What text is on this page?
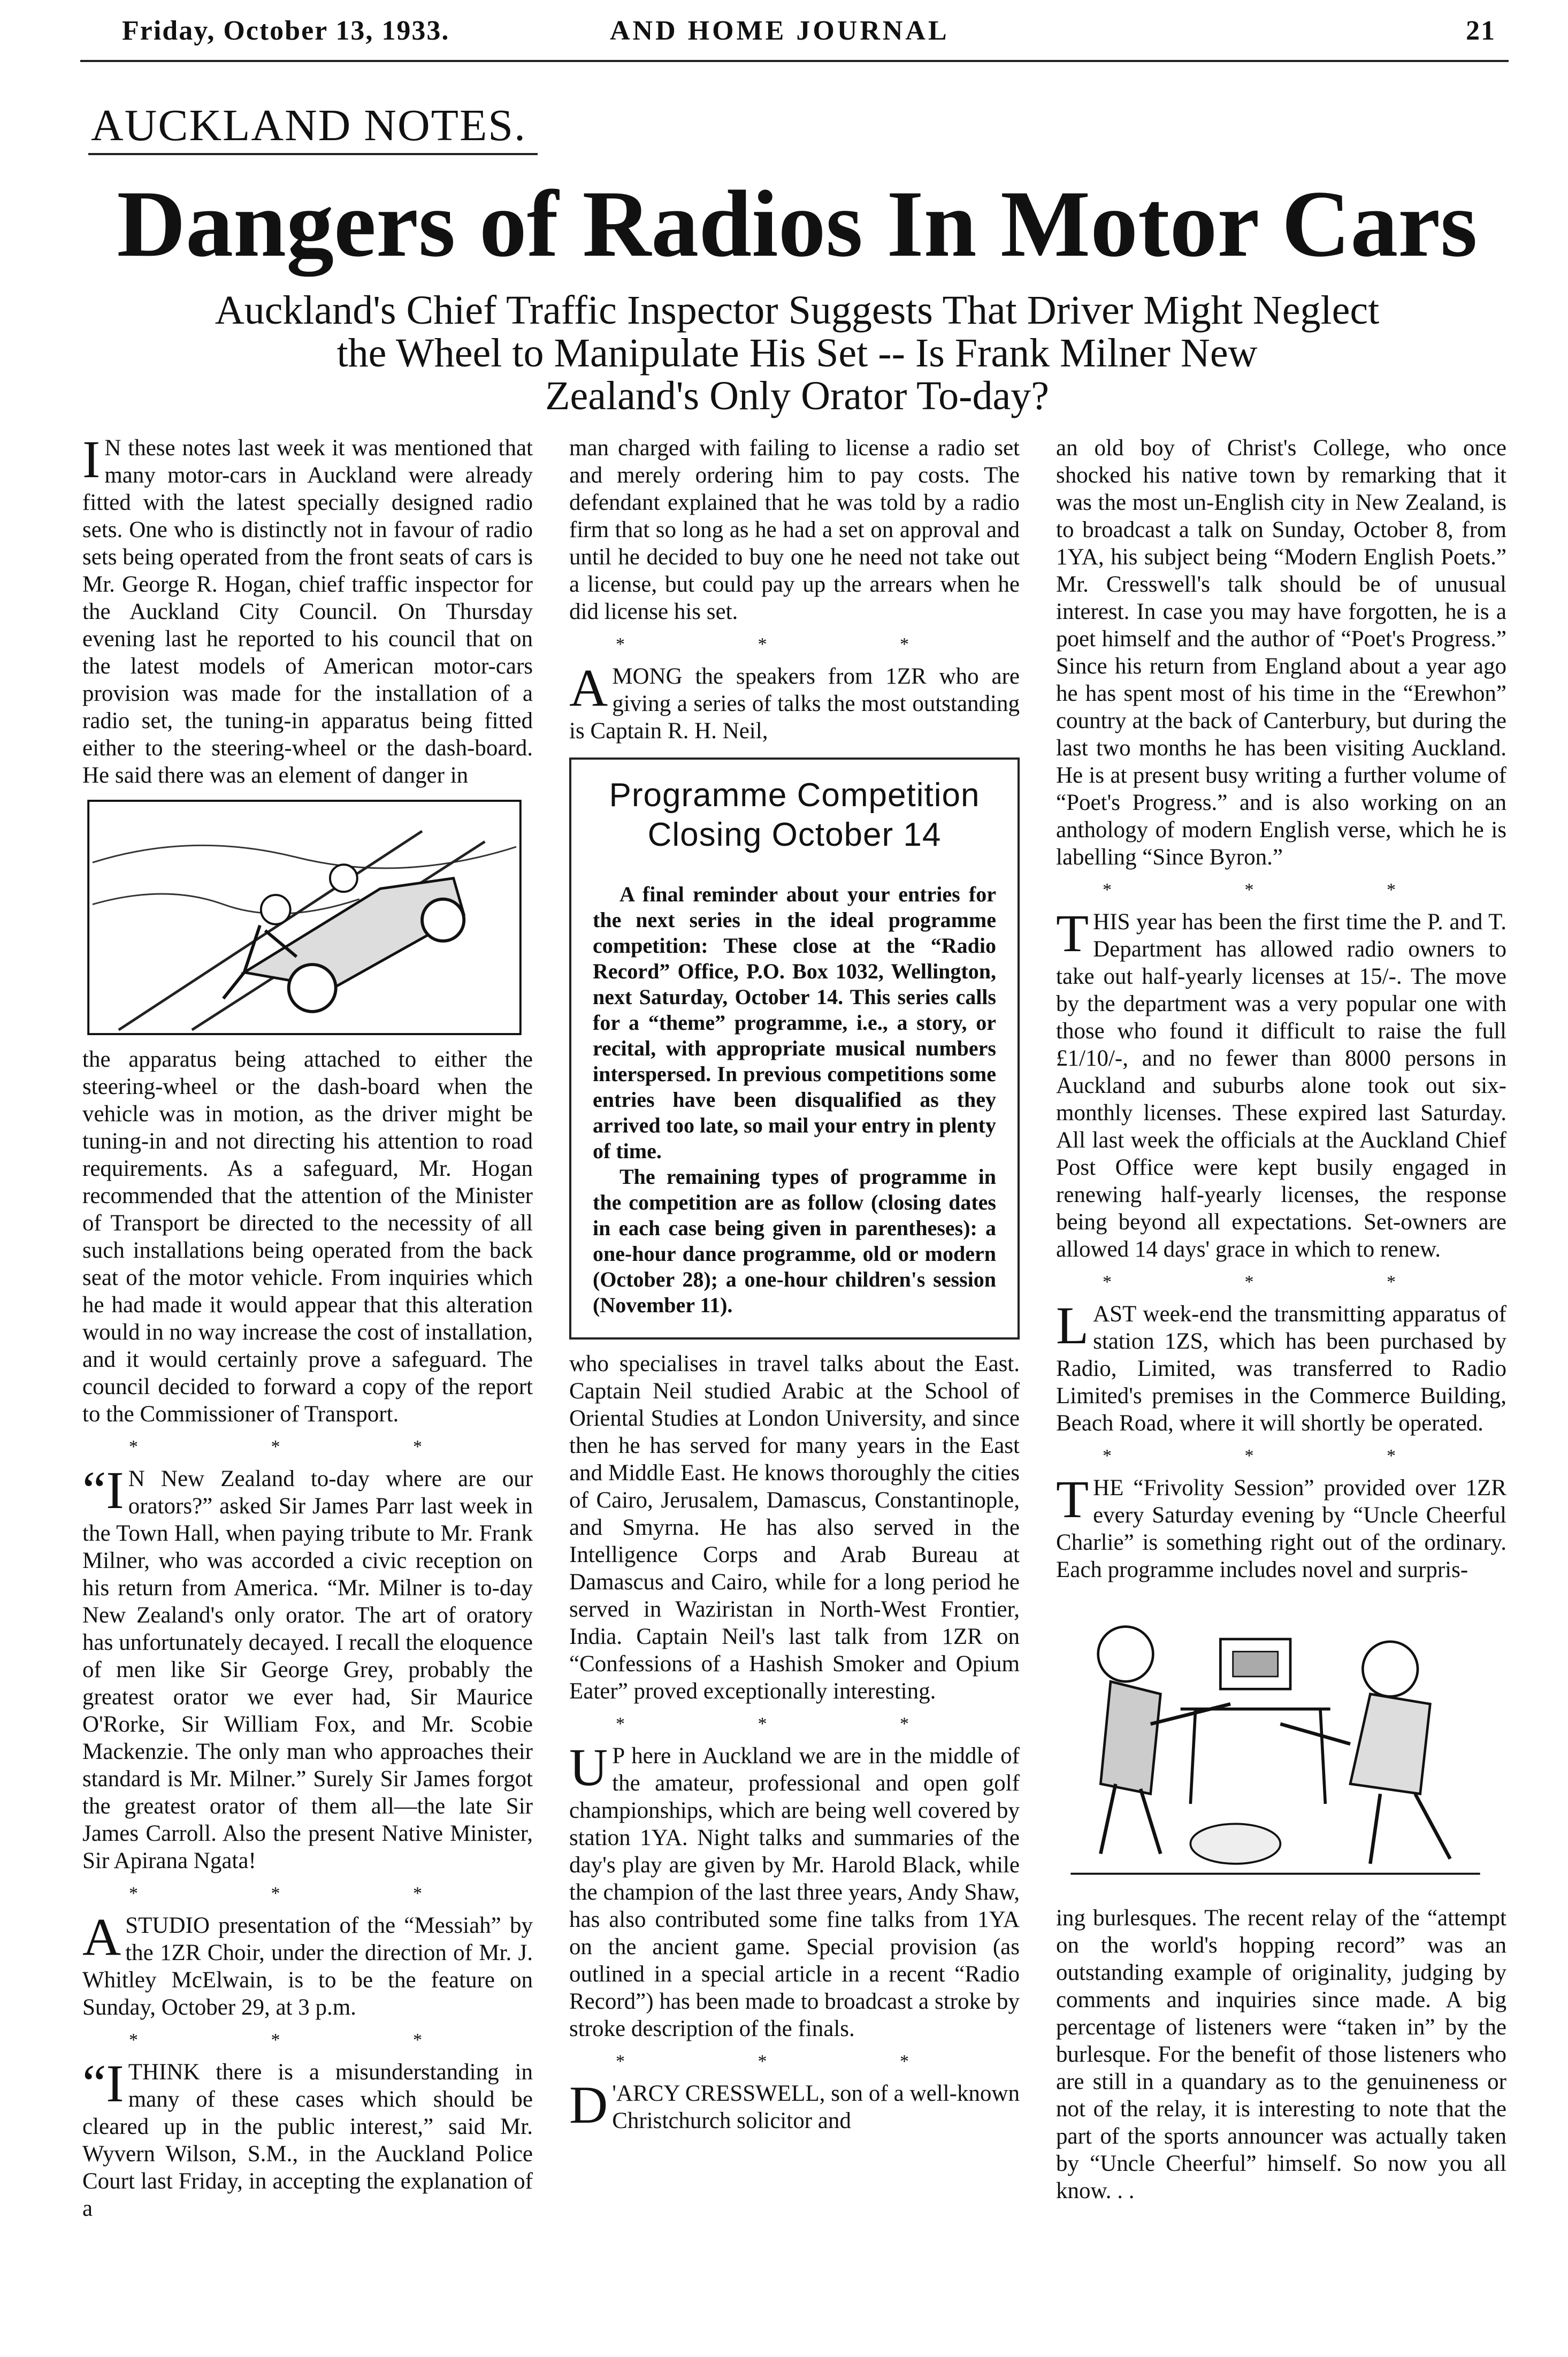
Friday, October 13, 1933.	AND HOME JOURNAL	21
AUCKLAND NOTES.
Dangers of Radios In Motor Cars
Auckland's Chief Traffic Inspector Suggests That Driver Might Neglect
the Wheel to Manipulate His Set -- Is Frank Milner New
Zealand's Only Orator To-day?
I N these notes last week it was mentioned that many motor-cars in Auckland were already fitted with the latest specially designed radio sets. One who is distinctly not in favour of radio sets being operated from the front seats of cars is Mr. George R. Hogan, chief traffic inspector for the Auckland City Council. On Thursday evening last he reported to his council that on the latest models of American motor-cars provision was made for the installation of a radio set, the tuning-in apparatus being fitted either to the steering-wheel or the dash-board. He said there was an element of danger in
the apparatus being attached to either the steering-wheel or the dash-board when the vehicle was in motion, as the driver might be tuning-in and not directing his attention to road requirements. As a safeguard, Mr. Hogan recommended that the attention of the Minister of Transport be directed to the necessity of all such installations being operated from the back seat of the motor vehicle. From inquiries which he had made it would appear that this alteration would in no way increase the cost of installation, and it would certainly prove a safeguard. The council decided to forward a copy of the report to the Commissioner of Transport.
* * *
“I N New Zealand to-day where are our orators?” asked Sir James Parr last week in the Town Hall, when paying tribute to Mr. Frank Milner, who was accorded a civic reception on his return from America. “Mr. Milner is to-day New Zealand's only orator. The art of oratory has unfortunately decayed. I recall the eloquence of men like Sir George Grey, probably the greatest orator we ever had, Sir Maurice O'Rorke, Sir William Fox, and Mr. Scobie Mackenzie. The only man who approaches their standard is Mr. Milner.” Surely Sir James forgot the greatest orator of them all—the late Sir James Carroll. Also the present Native Minister, Sir Apirana Ngata!
* * *
A STUDIO presentation of the “Messiah” by the 1ZR Choir, under the direction of Mr. J. Whitley McElwain, is to be the feature on Sunday, October 29, at 3 p.m.
* * *
“I THINK there is a misunderstanding in many of these cases which should be cleared up in the public interest,” said Mr. Wyvern Wilson, S.M., in the Auckland Police Court last Friday, in accepting the explanation of a
man charged with failing to license a radio set and merely ordering him to pay costs. The defendant explained that he was told by a radio firm that so long as he had a set on approval and until he decided to buy one he need not take out a license, but could pay up the arrears when he did license his set.
* * *
AMONG the speakers from 1ZR who are giving a series of talks the most outstanding is Captain R. H. Neil,
Programme Competition
Closing October 14
A final reminder about your entries for the next series in the ideal programme competition: These close at the “Radio Record” Office, P.O. Box 1032, Wellington, next Saturday, October 14. This series calls for a “theme” programme, i.e., a story, or recital, with appropriate musical numbers interspersed. In previous competitions some entries have been disqualified as they arrived too late, so mail your entry in plenty of time.
The remaining types of programme in the competition are as follow (closing dates in each case being given in parentheses): a one-hour dance programme, old or modern (October 28); a one-hour children's session (November 11).
who specialises in travel talks about the East. Captain Neil studied Arabic at the School of Oriental Studies at London University, and since then he has served for many years in the East and Middle East. He knows thoroughly the cities of Cairo, Jerusalem, Damascus, Constantinople, and Smyrna. He has also served in the Intelligence Corps and Arab Bureau at Damascus and Cairo, while for a long period he served in Waziristan in North-West Frontier, India. Captain Neil's last talk from 1ZR on “Confessions of a Hashish Smoker and Opium Eater” proved exceptionally interesting.
* * *
U P here in Auckland we are in the middle of the amateur, professional and open golf championships, which are being well covered by station 1YA. Night talks and summaries of the day's play are given by Mr. Harold Black, while the champion of the last three years, Andy Shaw, has also contributed some fine talks from 1YA on the ancient game. Special provision (as outlined in a special article in a recent “Radio Record”) has been made to broadcast a stroke by stroke description of the finals.
* * *
D 'ARCY CRESSWELL, son of a well-known Christchurch solicitor and
an old boy of Christ's College, who once shocked his native town by remarking that it was the most un-English city in New Zealand, is to broadcast a talk on Sunday, October 8, from 1YA, his subject being “Modern English Poets.” Mr. Cresswell's talk should be of unusual interest. In case you may have forgotten, he is a poet himself and the author of “Poet's Progress.” Since his return from England about a year ago he has spent most of his time in the “Erewhon” country at the back of Canterbury, but during the last two months he has been visiting Auckland. He is at present busy writing a further volume of “Poet's Progress.” and is also working on an anthology of modern English verse, which he is labelling “Since Byron.”
* * *
THIS year has been the first time the P. and T. Department has allowed radio owners to take out half-yearly licenses at 15/-. The move by the department was a very popular one with those who found it difficult to raise the full £1/10/-, and no fewer than 8000 persons in Auckland and suburbs alone took out six-monthly licenses. These expired last Saturday. All last week the officials at the Auckland Chief Post Office were kept busily engaged in renewing half-yearly licenses, the response being beyond all expectations. Set-owners are allowed 14 days' grace in which to renew.
* * *
LAST week-end the transmitting apparatus of station 1ZS, which has been purchased by Radio, Limited, was transferred to Radio Limited's premises in the Commerce Building, Beach Road, where it will shortly be operated.
* * *
THE “Frivolity Session” provided over 1ZR every Saturday evening by “Uncle Cheerful Charlie” is something right out of the ordinary. Each programme includes novel and surpris-
ing burlesques. The recent relay of the “attempt on the world's hopping record” was an outstanding example of originality, judging by comments and inquiries since made. A big percentage of listeners were “taken in” by the burlesque. For the benefit of those listeners who are still in a quandary as to the genuineness or not of the relay, it is interesting to note that the part of the sports announcer was actually taken by “Uncle Cheerful” himself. So now you all know. . .
